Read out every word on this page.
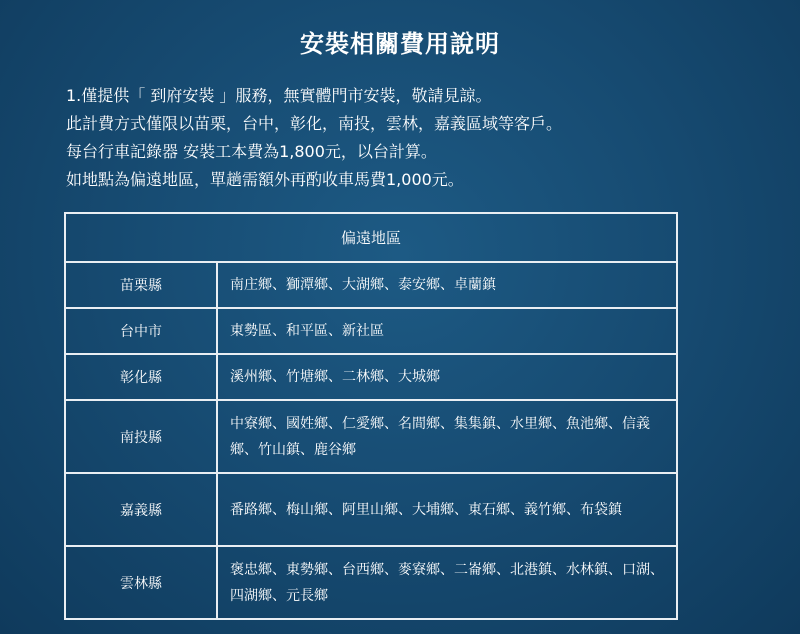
安裝相關費用說明

1.僅提供「 到府安裝 」服務，無實體門市安裝，敬請見諒。

此計費方式僅限以苗栗，台中，彰化，南投，雲林，嘉義區域等客戶。

每台行車記錄器 安裝工本費為1,800元，以台計算。

如地點為偏遠地區，單趟需額外再酌收車馬費1,000元。

偏遠地區	
苗栗縣	南庄鄉、獅潭鄉、大湖鄉、泰安鄉、卓蘭鎮
台中市	東勢區、和平區、新社區
彰化縣	溪州鄉、竹塘鄉、二林鄉、大城鄉
南投縣	中寮鄉、國姓鄉、仁愛鄉、名間鄉、集集鎮、水里鄉、魚池鄉、信義鄉、竹山鎮、鹿谷鄉
嘉義縣	番路鄉、梅山鄉、阿里山鄉、大埔鄉、東石鄉、義竹鄉、布袋鎮
雲林縣	褒忠鄉、東勢鄉、台西鄉、麥寮鄉、二崙鄉、北港鎮、水林鎮、口湖、四湖鄉、元長鄉
